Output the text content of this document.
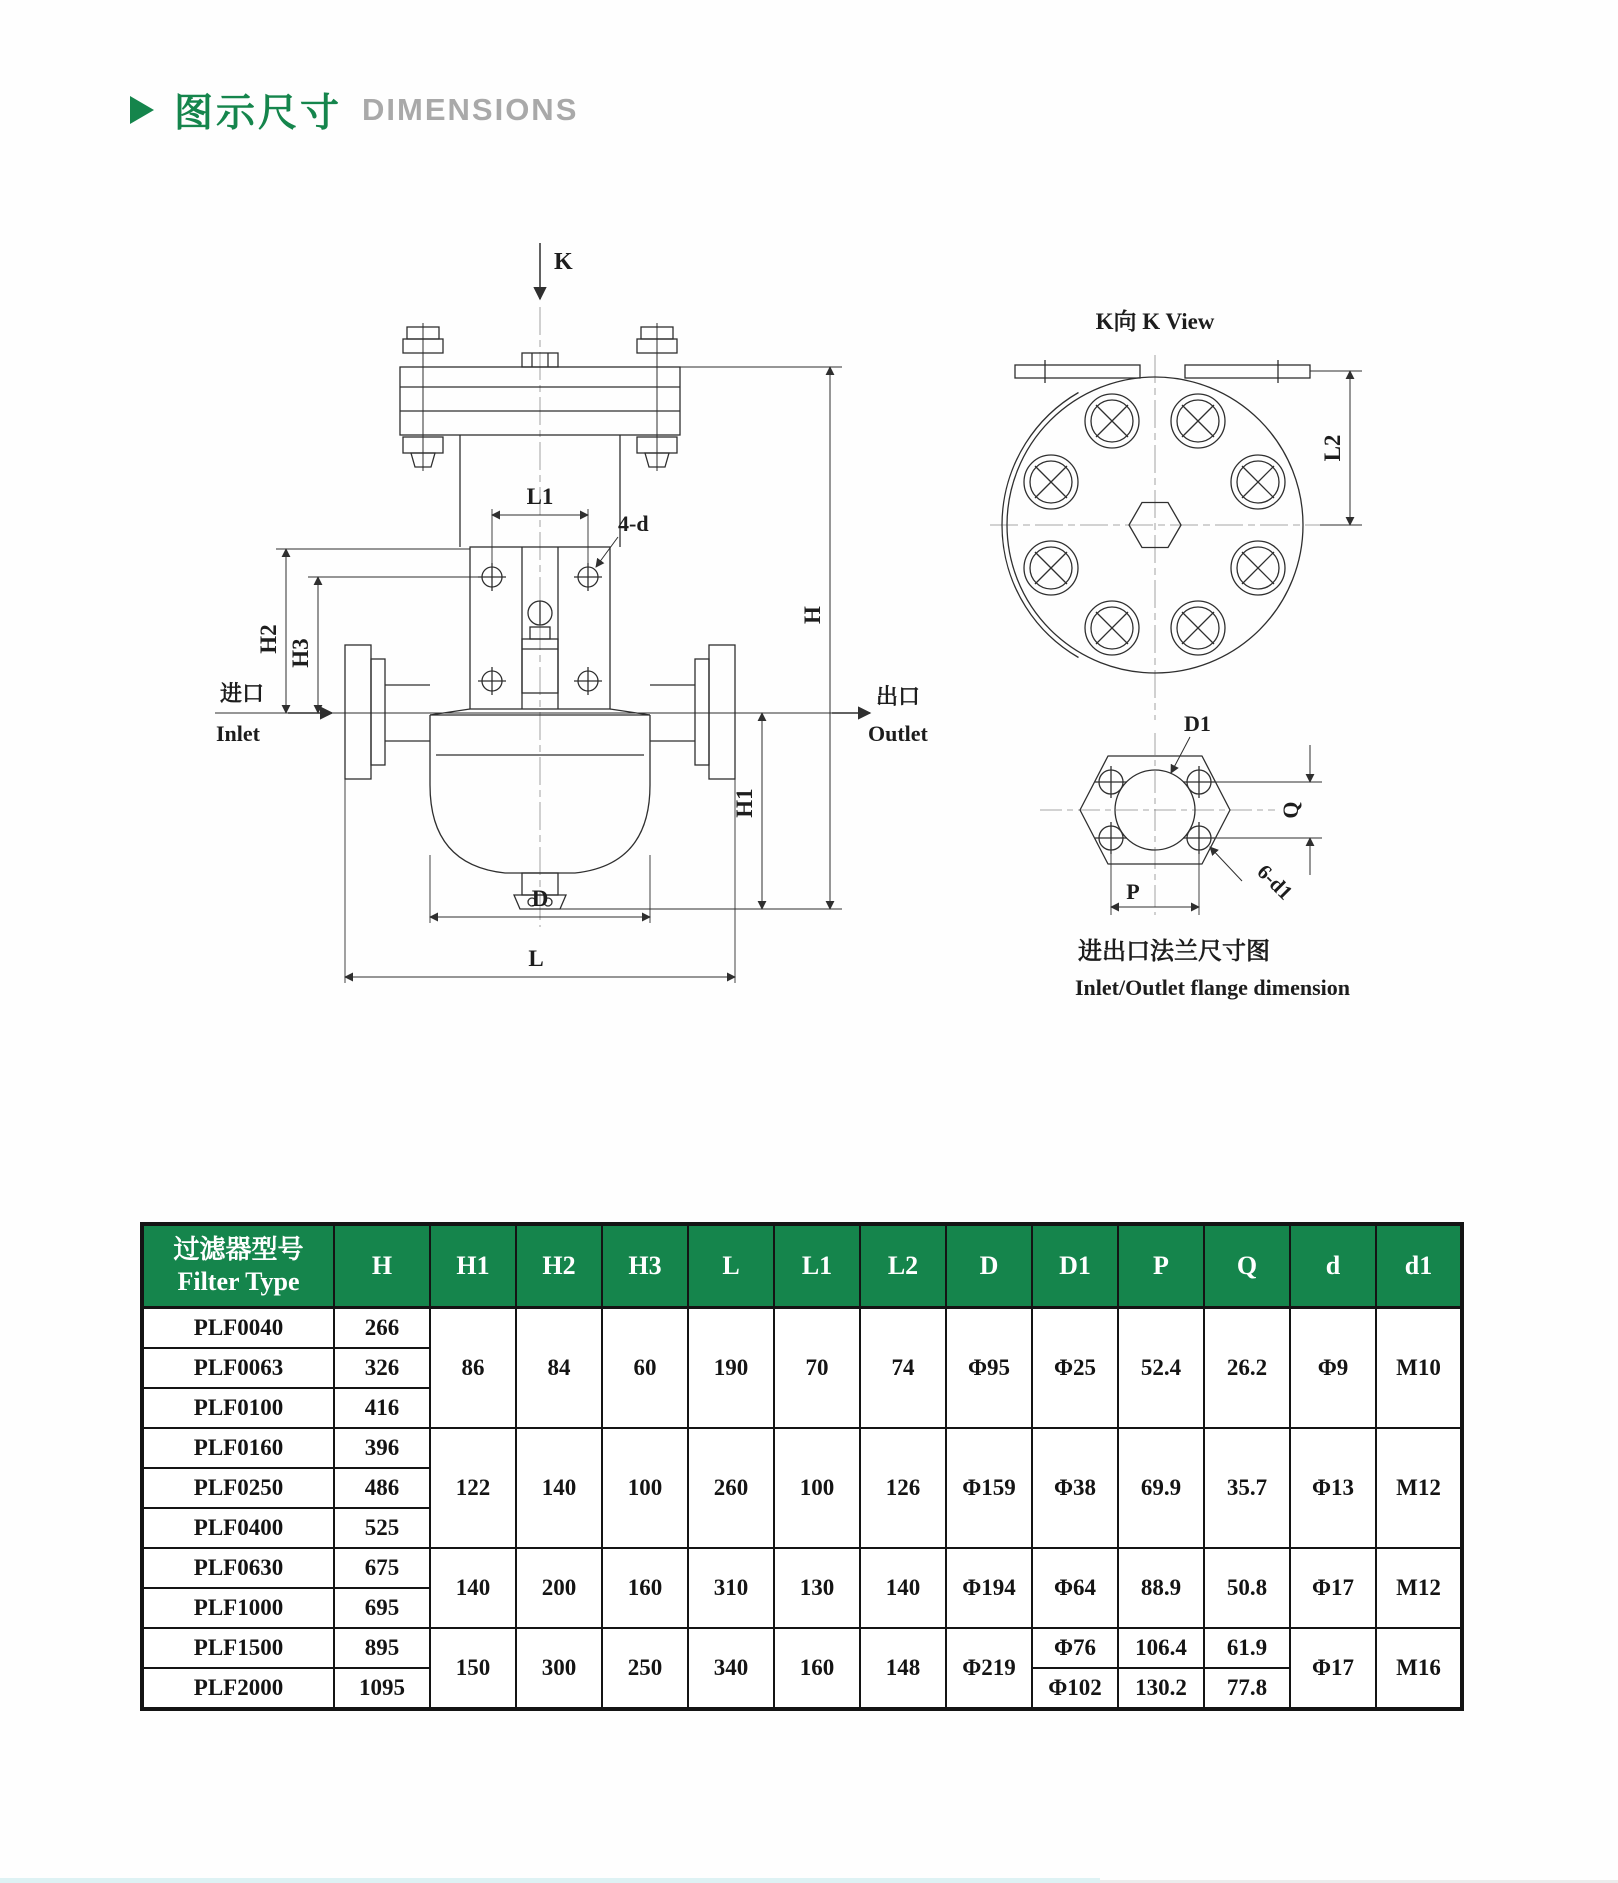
图示尺寸 DIMENSIONS
K
L1
4-d
H2 H3
进口
Inlet
出口
Outlet
D
L
H1
H
K向 K View
L2
D1
6-d1
Q
P
进出口法兰尺寸图
Inlet/Outlet flange dimension
过滤器型号
Filter Type	H	H1	H2	H3	L	L1	L2	D	D1	P	Q	d	d1
PLF0040	266	86	84	60	190	70	74	Φ95	Φ25	52.4	26.2	Φ9	M10
PLF0063	326												
PLF0100	416												
PLF0160	396	122	140	100	260	100	126	Φ159	Φ38	69.9	35.7	Φ13	M12
PLF0250	486												
PLF0400	525												
PLF0630	675	140	200	160	310	130	140	Φ194	Φ64	88.9	50.8	Φ17	M12
PLF1000	695												
PLF1500	895	150	300	250	340	160	148	Φ219	Φ76	106.4	61.9	Φ17	M16
PLF2000	1095								Φ102	130.2	77.8		
